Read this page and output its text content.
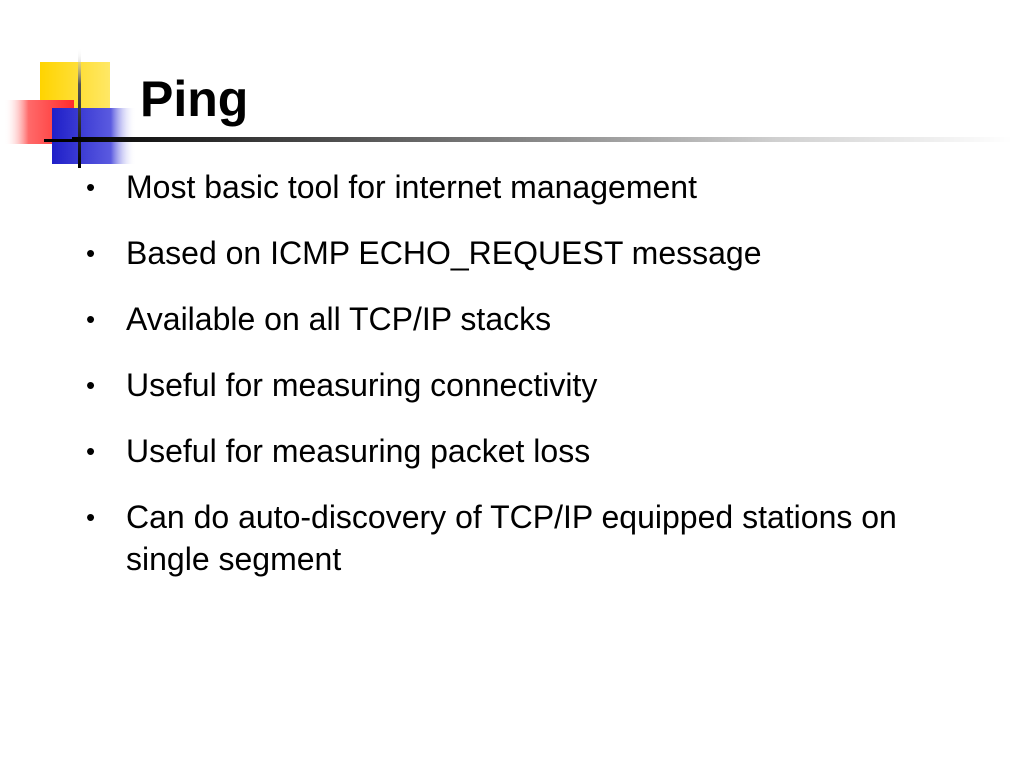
Ping
• Most basic tool for internet management
• Based on ICMP ECHO_REQUEST message
• Available on all TCP/IP stacks
• Useful for measuring connectivity
• Useful for measuring packet loss
• Can do auto-discovery of TCP/IP equipped stations on single segment
